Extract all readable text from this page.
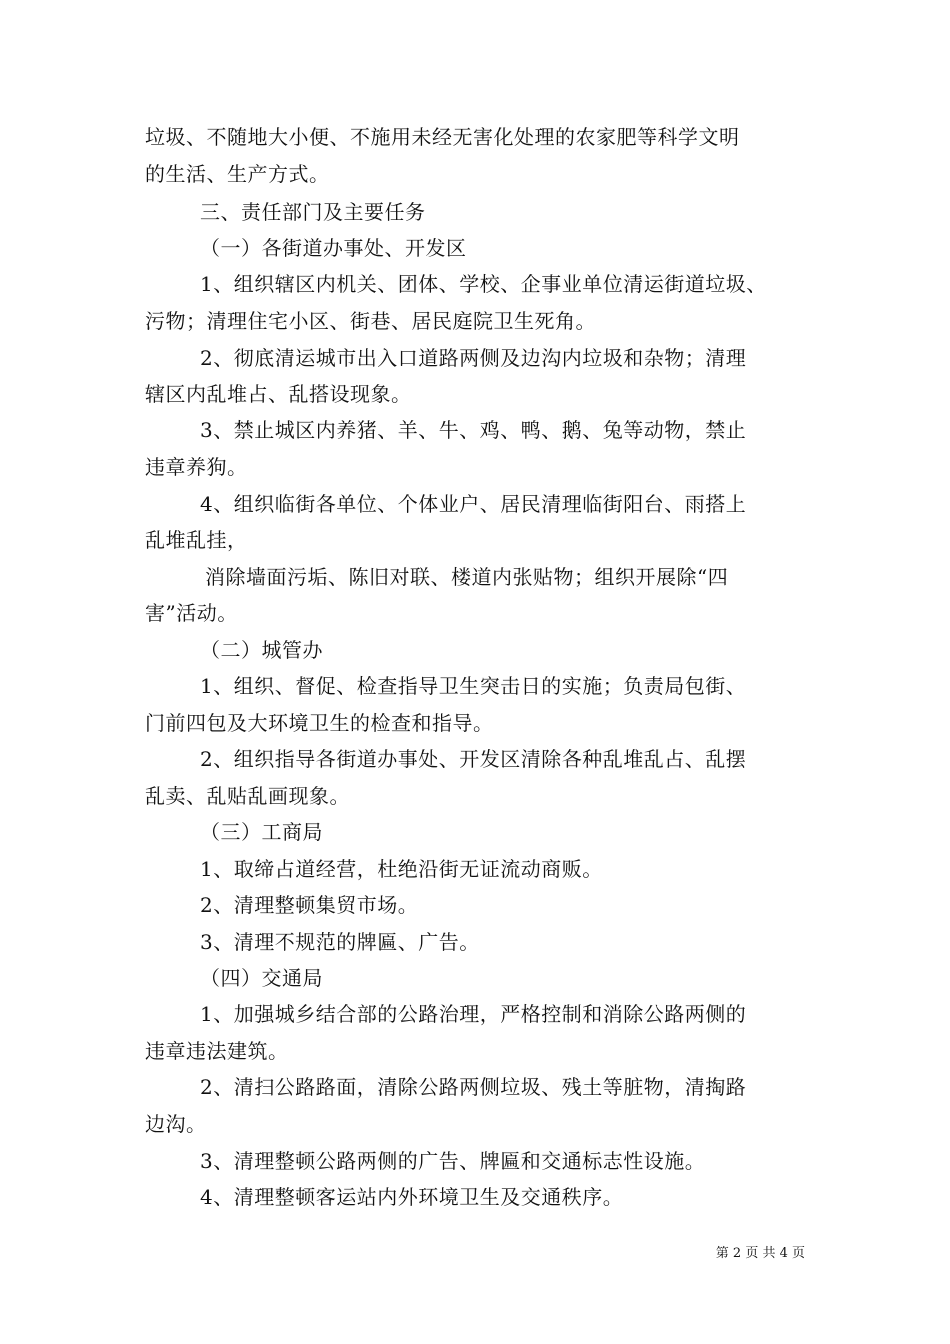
垃圾、不随地大小便、不施用未经无害化处理的农家肥等科学文明
的生活、生产方式。
三、责任部门及主要任务
（一）各街道办事处、开发区
1、组织辖区内机关、团体、学校、企事业单位清运街道垃圾、
污物；清理住宅小区、街巷、居民庭院卫生死角。
2、彻底清运城市出入口道路两侧及边沟内垃圾和杂物；清理
辖区内乱堆占、乱搭设现象。
3、禁止城区内养猪、羊、牛、鸡、鸭、鹅、兔等动物，禁止
违章养狗。
4、组织临街各单位、个体业户、居民清理临街阳台、雨搭上
乱堆乱挂，
消除墙面污垢、陈旧对联、楼道内张贴物；组织开展除“四
害”活动。
（二）城管办
1、组织、督促、检查指导卫生突击日的实施；负责局包街、
门前四包及大环境卫生的检查和指导。
2、组织指导各街道办事处、开发区清除各种乱堆乱占、乱摆
乱卖、乱贴乱画现象。
（三）工商局
1、取缔占道经营，杜绝沿街无证流动商贩。
2、清理整顿集贸市场。
3、清理不规范的牌匾、广告。
（四）交通局
1、加强城乡结合部的公路治理，严格控制和消除公路两侧的
违章违法建筑。
2、清扫公路路面，清除公路两侧垃圾、残土等脏物，清掏路
边沟。
3、清理整顿公路两侧的广告、牌匾和交通标志性设施。
4、清理整顿客运站内外环境卫生及交通秩序。
第 2 页 共 4 页
